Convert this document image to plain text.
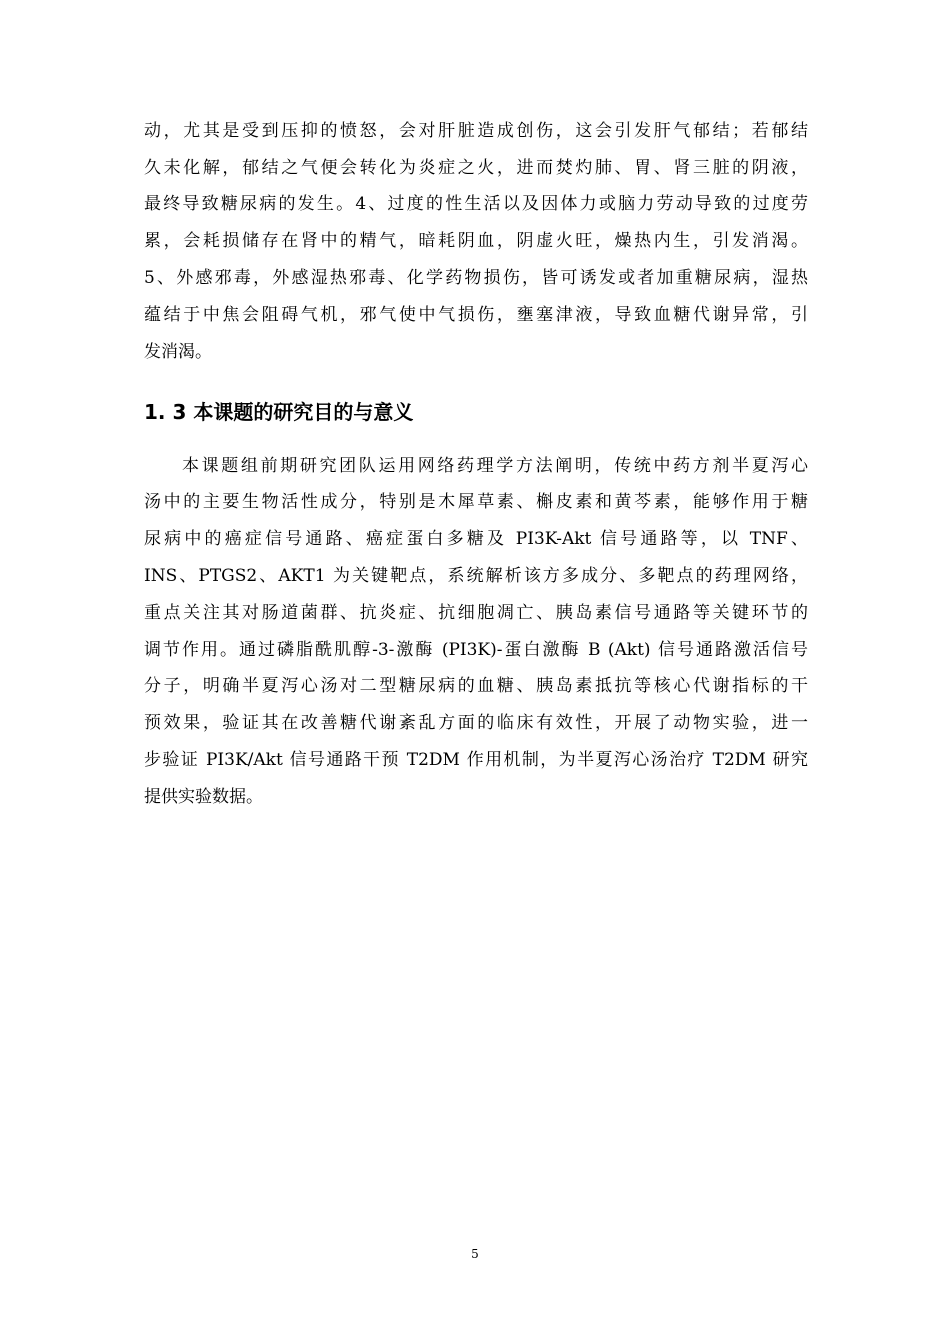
动，尤其是受到压抑的愤怒，会对肝脏造成创伤，这会引发肝气郁结；若郁结
久未化解，郁结之气便会转化为炎症之火，进而焚灼肺、胃、肾三脏的阴液，
最终导致糖尿病的发生。4、过度的性生活以及因体力或脑力劳动导致的过度劳
累，会耗损储存在肾中的精气，暗耗阴血，阴虚火旺，燥热内生，引发消渴。
5、外感邪毒，外感湿热邪毒、化学药物损伤，皆可诱发或者加重糖尿病，湿热
蕴结于中焦会阻碍气机，邪气使中气损伤，壅塞津液，导致血糖代谢异常，引
发消渴。
1. 3 本课题的研究目的与意义
本课题组前期研究团队运用网络药理学方法阐明，传统中药方剂半夏泻心
汤中的主要生物活性成分，特别是木犀草素、槲皮素和黄芩素，能够作用于糖
尿病中的癌症信号通路、癌症蛋白多糖及 PI3K-Akt 信号通路等，以 TNF、
INS、PTGS2、AKT1 为关键靶点，系统解析该方多成分、多靶点的药理网络，
重点关注其对肠道菌群、抗炎症、抗细胞凋亡、胰岛素信号通路等关键环节的
调节作用。通过磷脂酰肌醇-3-激酶 (PI3K)-蛋白激酶 B (Akt) 信号通路激活信号
分子，明确半夏泻心汤对二型糖尿病的血糖、胰岛素抵抗等核心代谢指标的干
预效果，验证其在改善糖代谢紊乱方面的临床有效性，开展了动物实验，进一
步验证 PI3K/Akt 信号通路干预 T2DM 作用机制，为半夏泻心汤治疗 T2DM 研究
提供实验数据。
5
